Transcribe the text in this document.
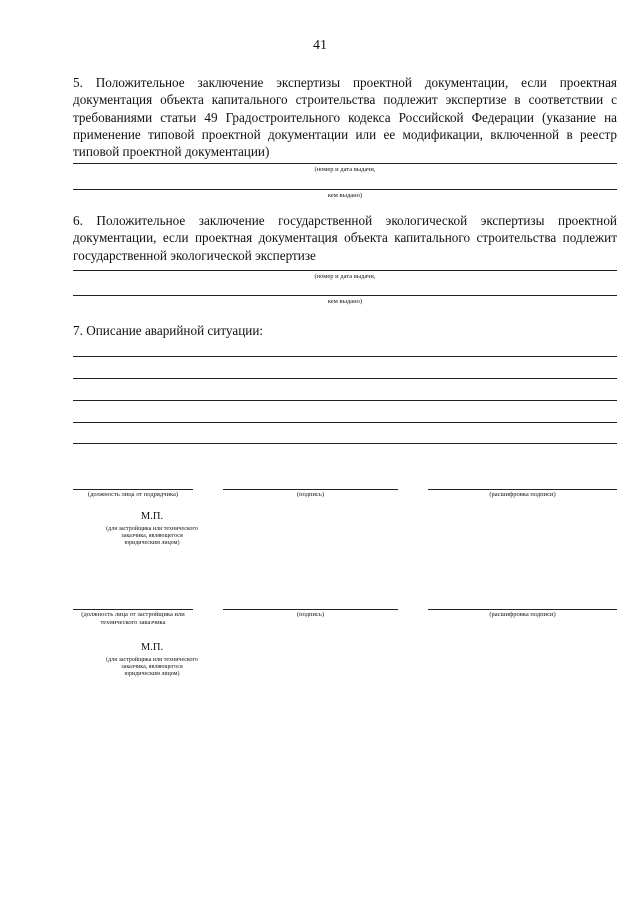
41
5. Положительное заключение экспертизы проектной документации, если проектная документация объекта капитального строительства подлежит экспертизе в соответствии с требованиями статьи 49 Градостроительного кодекса Российской Федерации (указание на применение типовой проектной документации или ее модификации, включенной в реестр типовой проектной документации)
(номер и дата выдачи,
кем выдано)
6. Положительное заключение государственной экологической экспертизы проектной документации, если проектная документация объекта капитального строительства подлежит государственной экологической экспертизе
(номер и дата выдачи,
кем выдано)
7. Описание аварийной ситуации:
(должность лица от подрядчика)	(подпись)	(расшифровка подписи)
М.П.
(для застройщика или технического заказчика, являющегося юридическим лицом)
(должность лица от застройщика или технического заказчика
(подпись)	(расшифровка подписи)
М.П.
(для застройщика или технического заказчика, являющегося юридическим лицом)
